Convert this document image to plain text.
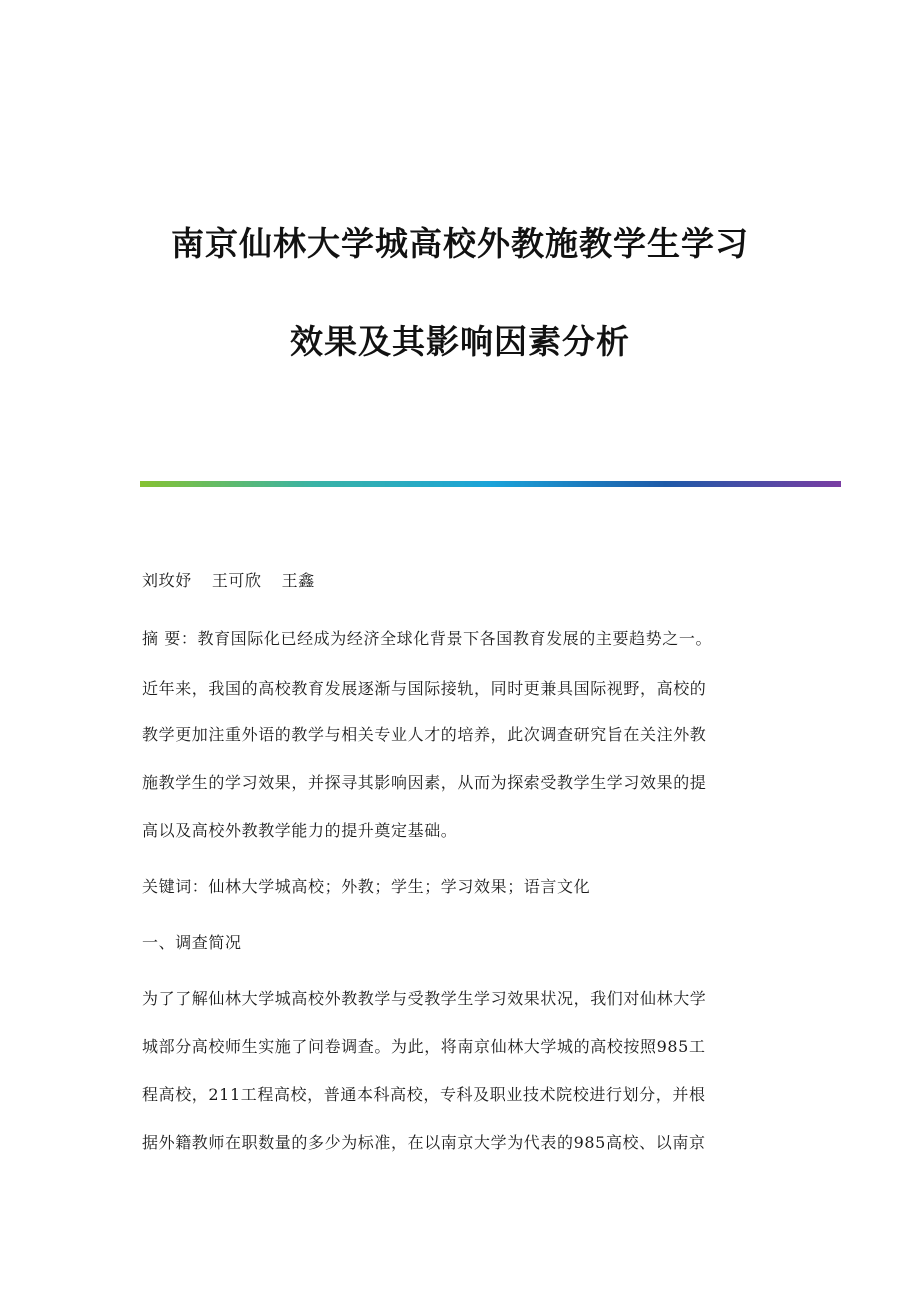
南京仙林大学城高校外教施教学生学习
效果及其影响因素分析
刘玫妤 王可欣 王鑫
摘 要：教育国际化已经成为经济全球化背景下各国教育发展的主要趋势之一。
近年来，我国的高校教育发展逐渐与国际接轨，同时更兼具国际视野，高校的
教学更加注重外语的教学与相关专业人才的培养，此次调查研究旨在关注外教
施教学生的学习效果，并探寻其影响因素，从而为探索受教学生学习效果的提
高以及高校外教教学能力的提升奠定基础。
关键词：仙林大学城高校；外教；学生；学习效果；语言文化
一、调查简况
为了了解仙林大学城高校外教教学与受教学生学习效果状况，我们对仙林大学
城部分高校师生实施了问卷调查。为此，将南京仙林大学城的高校按照985工
程高校，211工程高校，普通本科高校，专科及职业技术院校进行划分，并根
据外籍教师在职数量的多少为标准，在以南京大学为代表的985高校、以南京
